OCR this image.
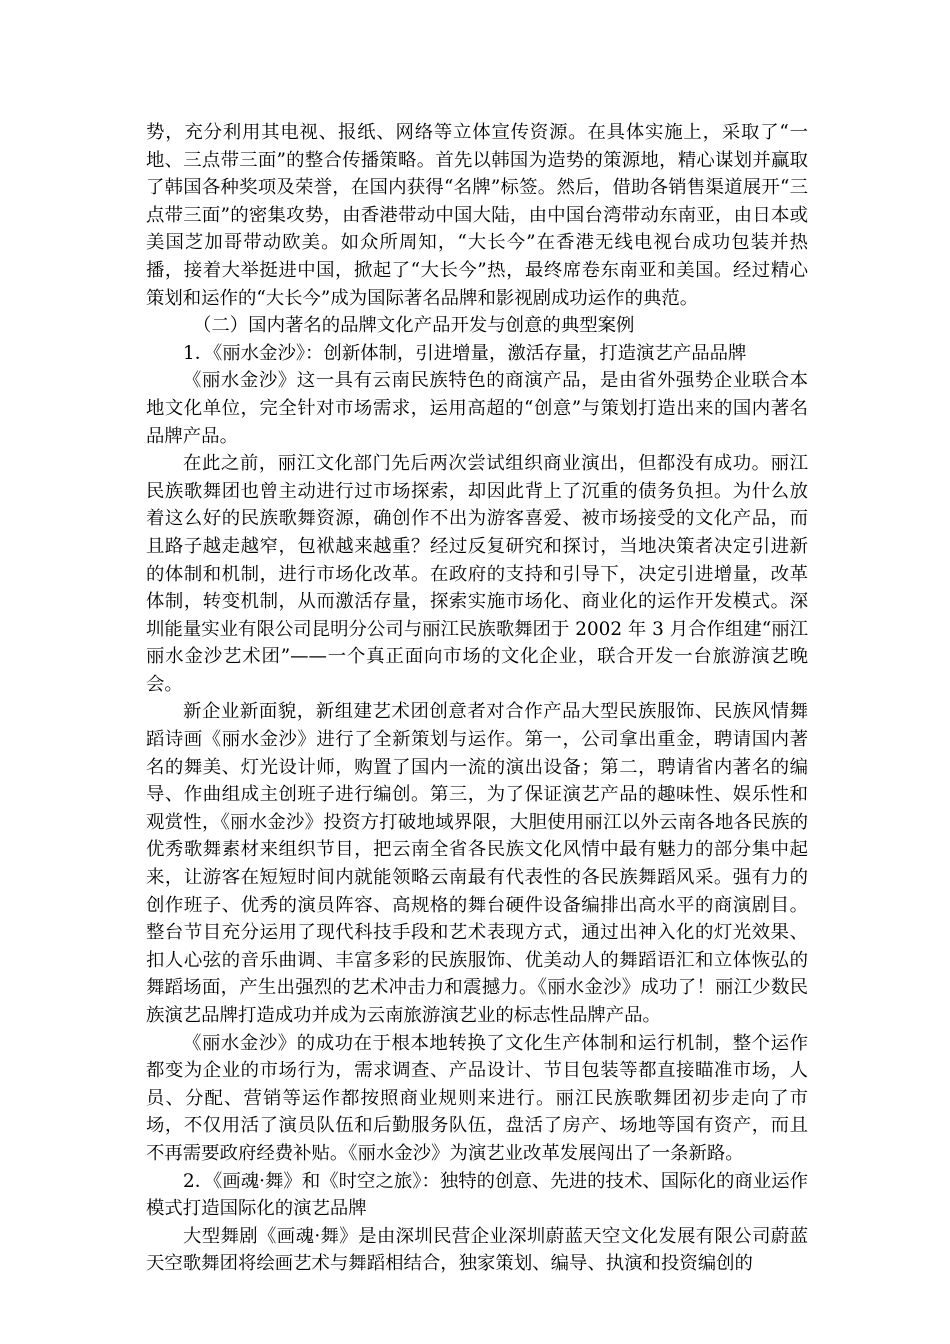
势，充分利用其电视、报纸、网络等立体宣传资源。在具体实施上，采取了“一地、三点带三面”的整合传播策略。首先以韩国为造势的策源地，精心谋划并赢取了韩国各种奖项及荣誉，在国内获得“名牌”标签。然后，借助各销售渠道展开“三点带三面”的密集攻势，由香港带动中国大陆，由中国台湾带动东南亚，由日本或美国芝加哥带动欧美。如众所周知，“大长今”在香港无线电视台成功包装并热播，接着大举挺进中国，掀起了“大长今”热，最终席卷东南亚和美国。经过精心策划和运作的“大长今”成为国际著名品牌和影视剧成功运作的典范。

（二）国内著名的品牌文化产品开发与创意的典型案例

1．《丽水金沙》：创新体制，引进增量，激活存量，打造演艺产品品牌

《丽水金沙》这一具有云南民族特色的商演产品，是由省外强势企业联合本地文化单位，完全针对市场需求，运用高超的“创意”与策划打造出来的国内著名品牌产品。

在此之前，丽江文化部门先后两次尝试组织商业演出，但都没有成功。丽江民族歌舞团也曾主动进行过市场探索，却因此背上了沉重的债务负担。为什么放着这么好的民族歌舞资源，确创作不出为游客喜爱、被市场接受的文化产品，而且路子越走越窄，包袱越来越重？经过反复研究和探讨，当地决策者决定引进新的体制和机制，进行市场化改革。在政府的支持和引导下，决定引进增量，改革体制，转变机制，从而激活存量，探索实施市场化、商业化的运作开发模式。深圳能量实业有限公司昆明分公司与丽江民族歌舞团于 2002 年 3 月合作组建“丽江丽水金沙艺术团”——一个真正面向市场的文化企业，联合开发一台旅游演艺晚会。

新企业新面貌，新组建艺术团创意者对合作产品大型民族服饰、民族风情舞蹈诗画《丽水金沙》进行了全新策划与运作。第一，公司拿出重金，聘请国内著名的舞美、灯光设计师，购置了国内一流的演出设备；第二，聘请省内著名的编导、作曲组成主创班子进行编创。第三，为了保证演艺产品的趣味性、娱乐性和观赏性，《丽水金沙》投资方打破地域界限，大胆使用丽江以外云南各地各民族的优秀歌舞素材来组织节目，把云南全省各民族文化风情中最有魅力的部分集中起来，让游客在短短时间内就能领略云南最有代表性的各民族舞蹈风采。强有力的创作班子、优秀的演员阵容、高规格的舞台硬件设备编排出高水平的商演剧目。整台节目充分运用了现代科技手段和艺术表现方式，通过出神入化的灯光效果、扣人心弦的音乐曲调、丰富多彩的民族服饰、优美动人的舞蹈语汇和立体恢弘的舞蹈场面，产生出强烈的艺术冲击力和震撼力。《丽水金沙》成功了！丽江少数民族演艺品牌打造成功并成为云南旅游演艺业的标志性品牌产品。

《丽水金沙》的成功在于根本地转换了文化生产体制和运行机制，整个运作都变为企业的市场行为，需求调查、产品设计、节目包装等都直接瞄准市场，人员、分配、营销等运作都按照商业规则来进行。丽江民族歌舞团初步走向了市场，不仅用活了演员队伍和后勤服务队伍，盘活了房产、场地等国有资产，而且不再需要政府经费补贴。《丽水金沙》为演艺业改革发展闯出了一条新路。

2．《画魂·舞》和《时空之旅》：独特的创意、先进的技术、国际化的商业运作模式打造国际化的演艺品牌

大型舞剧《画魂·舞》是由深圳民营企业深圳蔚蓝天空文化发展有限公司蔚蓝天空歌舞团将绘画艺术与舞蹈相结合，独家策划、编导、执演和投资编创的
